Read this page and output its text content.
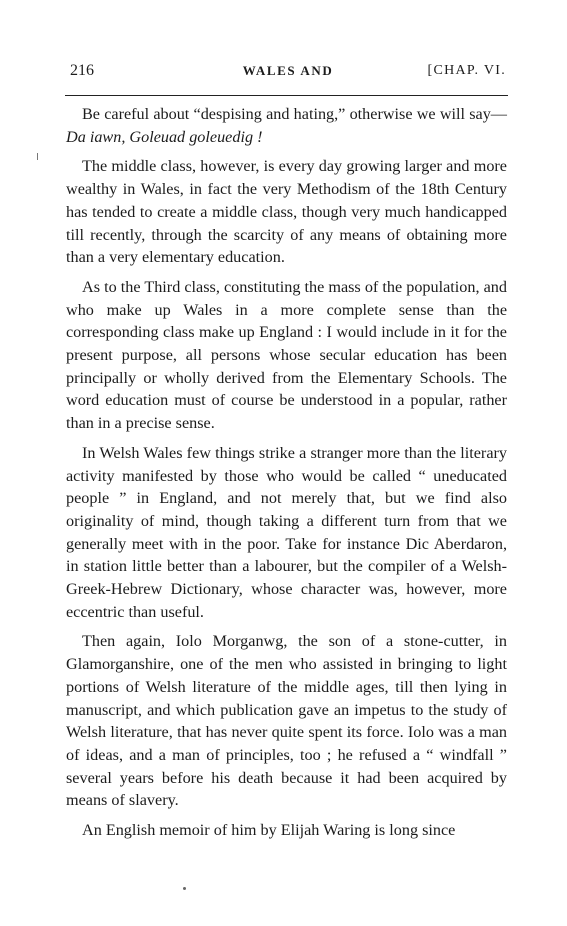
216	WALES AND	[CHAP. VI.

Be careful about “despising and hating,” otherwise we will say—Da iawn, Goleuad goleuedig !

The middle class, however, is every day growing larger and more wealthy in Wales, in fact the very Methodism of the 18th Century has tended to create a middle class, though very much handicapped till recently, through the scarcity of any means of obtaining more than a very elementary education.

As to the Third class, constituting the mass of the population, and who make up Wales in a more complete sense than the corresponding class make up England : I would include in it for the present purpose, all persons whose secular education has been principally or wholly derived from the Elementary Schools. The word education must of course be understood in a popular, rather than in a precise sense.

In Welsh Wales few things strike a stranger more than the literary activity manifested by those who would be called “ uneducated people ” in England, and not merely that, but we find also originality of mind, though taking a different turn from that we generally meet with in the poor. Take for instance Dic Aberdaron, in station little better than a labourer, but the compiler of a Welsh-Greek-Hebrew Dictionary, whose character was, however, more eccentric than useful.

Then again, Iolo Morganwg, the son of a stone-cutter, in Glamorganshire, one of the men who assisted in bringing to light portions of Welsh literature of the middle ages, till then lying in manuscript, and which publication gave an impetus to the study of Welsh literature, that has never quite spent its force. Iolo was a man of ideas, and a man of principles, too ; he refused a “ windfall ” several years before his death because it had been acquired by means of slavery.

An English memoir of him by Elijah Waring is long since
